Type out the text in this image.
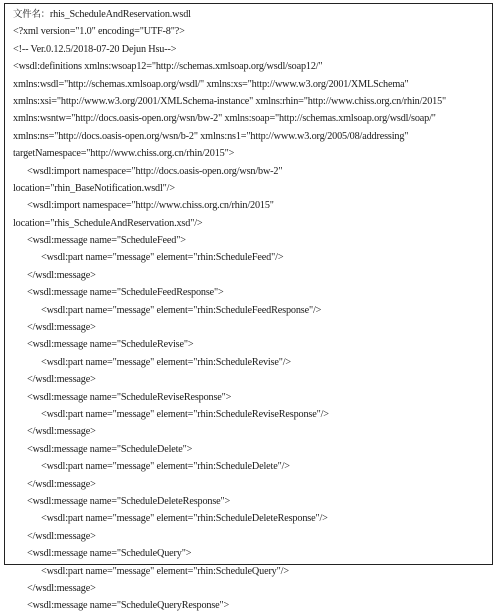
文件名：rhis_ScheduleAndReservation.wsdl
<?xml version="1.0" encoding="UTF-8"?>
<!-- Ver.0.12.5/2018-07-20 Dejun Hsu-->
<wsdl:definitions xmlns:wsoap12="http://schemas.xmlsoap.org/wsdl/soap12/"
xmlns:wsdl="http://schemas.xmlsoap.org/wsdl/" xmlns:xs="http://www.w3.org/2001/XMLSchema"
xmlns:xsi="http://www.w3.org/2001/XMLSchema-instance" xmlns:rhin="http://www.chiss.org.cn/rhin/2015"
xmlns:wsntw="http://docs.oasis-open.org/wsn/bw-2" xmlns:soap="http://schemas.xmlsoap.org/wsdl/soap/"
xmlns:ns="http://docs.oasis-open.org/wsn/b-2" xmlns:ns1="http://www.w3.org/2005/08/addressing"
targetNamespace="http://www.chiss.org.cn/rhin/2015">
<wsdl:import namespace="http://docs.oasis-open.org/wsn/bw-2"
location="rhin_BaseNotification.wsdl"/>
<wsdl:import namespace="http://www.chiss.org.cn/rhin/2015"
location="rhis_ScheduleAndReservation.xsd"/>
<wsdl:message name="ScheduleFeed">
<wsdl:part name="message" element="rhin:ScheduleFeed"/>
</wsdl:message>
<wsdl:message name="ScheduleFeedResponse">
<wsdl:part name="message" element="rhin:ScheduleFeedResponse"/>
</wsdl:message>
<wsdl:message name="ScheduleRevise">
<wsdl:part name="message" element="rhin:ScheduleRevise"/>
</wsdl:message>
<wsdl:message name="ScheduleReviseResponse">
<wsdl:part name="message" element="rhin:ScheduleReviseResponse"/>
</wsdl:message>
<wsdl:message name="ScheduleDelete">
<wsdl:part name="message" element="rhin:ScheduleDelete"/>
</wsdl:message>
<wsdl:message name="ScheduleDeleteResponse">
<wsdl:part name="message" element="rhin:ScheduleDeleteResponse"/>
</wsdl:message>
<wsdl:message name="ScheduleQuery">
<wsdl:part name="message" element="rhin:ScheduleQuery"/>
</wsdl:message>
<wsdl:message name="ScheduleQueryResponse">
